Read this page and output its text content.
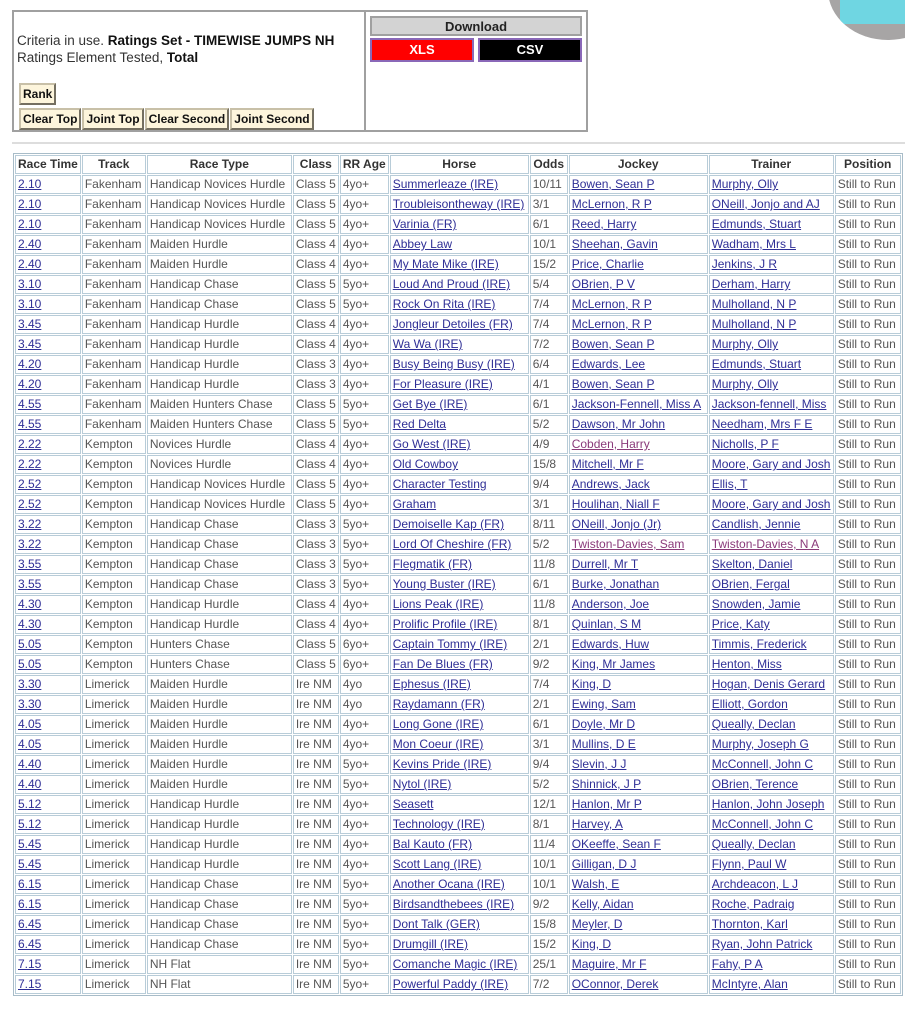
Criteria in use. Ratings Set - TIMEWISE JUMPS NH
Ratings Element Tested, Total
Rank
Clear Top Joint Top Clear Second Joint Second
Download
XLS	CSV
Race Time	Track	Race Type	Class	RR Age	Horse	Odds	Jockey	Trainer	Position
2.10	Fakenham	Handicap Novices Hurdle	Class 5	4yo+	Summerleaze (IRE)	10/11	Bowen, Sean P	Murphy, Olly	Still to Run
2.10	Fakenham	Handicap Novices Hurdle	Class 5	4yo+	Troubleisontheway (IRE)	3/1	McLernon, R P	ONeill, Jonjo and AJ	Still to Run
2.10	Fakenham	Handicap Novices Hurdle	Class 5	4yo+	Varinia (FR)	6/1	Reed, Harry	Edmunds, Stuart	Still to Run
2.40	Fakenham	Maiden Hurdle	Class 4	4yo+	Abbey Law	10/1	Sheehan, Gavin	Wadham, Mrs L	Still to Run
2.40	Fakenham	Maiden Hurdle	Class 4	4yo+	My Mate Mike (IRE)	15/2	Price, Charlie	Jenkins, J R	Still to Run
3.10	Fakenham	Handicap Chase	Class 5	5yo+	Loud And Proud (IRE)	5/4	OBrien, P V	Derham, Harry	Still to Run
3.10	Fakenham	Handicap Chase	Class 5	5yo+	Rock On Rita (IRE)	7/4	McLernon, R P	Mulholland, N P	Still to Run
3.45	Fakenham	Handicap Hurdle	Class 4	4yo+	Jongleur Detoiles (FR)	7/4	McLernon, R P	Mulholland, N P	Still to Run
3.45	Fakenham	Handicap Hurdle	Class 4	4yo+	Wa Wa (IRE)	7/2	Bowen, Sean P	Murphy, Olly	Still to Run
4.20	Fakenham	Handicap Hurdle	Class 3	4yo+	Busy Being Busy (IRE)	6/4	Edwards, Lee	Edmunds, Stuart	Still to Run
4.20	Fakenham	Handicap Hurdle	Class 3	4yo+	For Pleasure (IRE)	4/1	Bowen, Sean P	Murphy, Olly	Still to Run
4.55	Fakenham	Maiden Hunters Chase	Class 5	5yo+	Get Bye (IRE)	6/1	Jackson-Fennell, Miss A	Jackson-fennell, Miss	Still to Run
4.55	Fakenham	Maiden Hunters Chase	Class 5	5yo+	Red Delta	5/2	Dawson, Mr John	Needham, Mrs F E	Still to Run
2.22	Kempton	Novices Hurdle	Class 4	4yo+	Go West (IRE)	4/9	Cobden, Harry	Nicholls, P F	Still to Run
2.22	Kempton	Novices Hurdle	Class 4	4yo+	Old Cowboy	15/8	Mitchell, Mr F	Moore, Gary and Josh	Still to Run
2.52	Kempton	Handicap Novices Hurdle	Class 5	4yo+	Character Testing	9/4	Andrews, Jack	Ellis, T	Still to Run
2.52	Kempton	Handicap Novices Hurdle	Class 5	4yo+	Graham	3/1	Houlihan, Niall F	Moore, Gary and Josh	Still to Run
3.22	Kempton	Handicap Chase	Class 3	5yo+	Demoiselle Kap (FR)	8/11	ONeill, Jonjo (Jr)	Candlish, Jennie	Still to Run
3.22	Kempton	Handicap Chase	Class 3	5yo+	Lord Of Cheshire (FR)	5/2	Twiston-Davies, Sam	Twiston-Davies, N A	Still to Run
3.55	Kempton	Handicap Chase	Class 3	5yo+	Flegmatik (FR)	11/8	Durrell, Mr T	Skelton, Daniel	Still to Run
3.55	Kempton	Handicap Chase	Class 3	5yo+	Young Buster (IRE)	6/1	Burke, Jonathan	OBrien, Fergal	Still to Run
4.30	Kempton	Handicap Hurdle	Class 4	4yo+	Lions Peak (IRE)	11/8	Anderson, Joe	Snowden, Jamie	Still to Run
4.30	Kempton	Handicap Hurdle	Class 4	4yo+	Prolific Profile (IRE)	8/1	Quinlan, S M	Price, Katy	Still to Run
5.05	Kempton	Hunters Chase	Class 5	6yo+	Captain Tommy (IRE)	2/1	Edwards, Huw	Timmis, Frederick	Still to Run
5.05	Kempton	Hunters Chase	Class 5	6yo+	Fan De Blues (FR)	9/2	King, Mr James	Henton, Miss	Still to Run
3.30	Limerick	Maiden Hurdle	Ire NM	4yo	Ephesus (IRE)	7/4	King, D	Hogan, Denis Gerard	Still to Run
3.30	Limerick	Maiden Hurdle	Ire NM	4yo	Raydamann (FR)	2/1	Ewing, Sam	Elliott, Gordon	Still to Run
4.05	Limerick	Maiden Hurdle	Ire NM	4yo+	Long Gone (IRE)	6/1	Doyle, Mr D	Queally, Declan	Still to Run
4.05	Limerick	Maiden Hurdle	Ire NM	4yo+	Mon Coeur (IRE)	3/1	Mullins, D E	Murphy, Joseph G	Still to Run
4.40	Limerick	Maiden Hurdle	Ire NM	5yo+	Kevins Pride (IRE)	9/4	Slevin, J J	McConnell, John C	Still to Run
4.40	Limerick	Maiden Hurdle	Ire NM	5yo+	Nytol (IRE)	5/2	Shinnick, J P	OBrien, Terence	Still to Run
5.12	Limerick	Handicap Hurdle	Ire NM	4yo+	Seasett	12/1	Hanlon, Mr P	Hanlon, John Joseph	Still to Run
5.12	Limerick	Handicap Hurdle	Ire NM	4yo+	Technology (IRE)	8/1	Harvey, A	McConnell, John C	Still to Run
5.45	Limerick	Handicap Hurdle	Ire NM	4yo+	Bal Kauto (FR)	11/4	OKeeffe, Sean F	Queally, Declan	Still to Run
5.45	Limerick	Handicap Hurdle	Ire NM	4yo+	Scott Lang (IRE)	10/1	Gilligan, D J	Flynn, Paul W	Still to Run
6.15	Limerick	Handicap Chase	Ire NM	5yo+	Another Ocana (IRE)	10/1	Walsh, E	Archdeacon, L J	Still to Run
6.15	Limerick	Handicap Chase	Ire NM	5yo+	Birdsandthebees (IRE)	9/2	Kelly, Aidan	Roche, Padraig	Still to Run
6.45	Limerick	Handicap Chase	Ire NM	5yo+	Dont Talk (GER)	15/8	Meyler, D	Thornton, Karl	Still to Run
6.45	Limerick	Handicap Chase	Ire NM	5yo+	Drumgill (IRE)	15/2	King, D	Ryan, John Patrick	Still to Run
7.15	Limerick	NH Flat	Ire NM	5yo+	Comanche Magic (IRE)	25/1	Maguire, Mr F	Fahy, P A	Still to Run
7.15	Limerick	NH Flat	Ire NM	5yo+	Powerful Paddy (IRE)	7/2	OConnor, Derek	McIntyre, Alan	Still to Run
